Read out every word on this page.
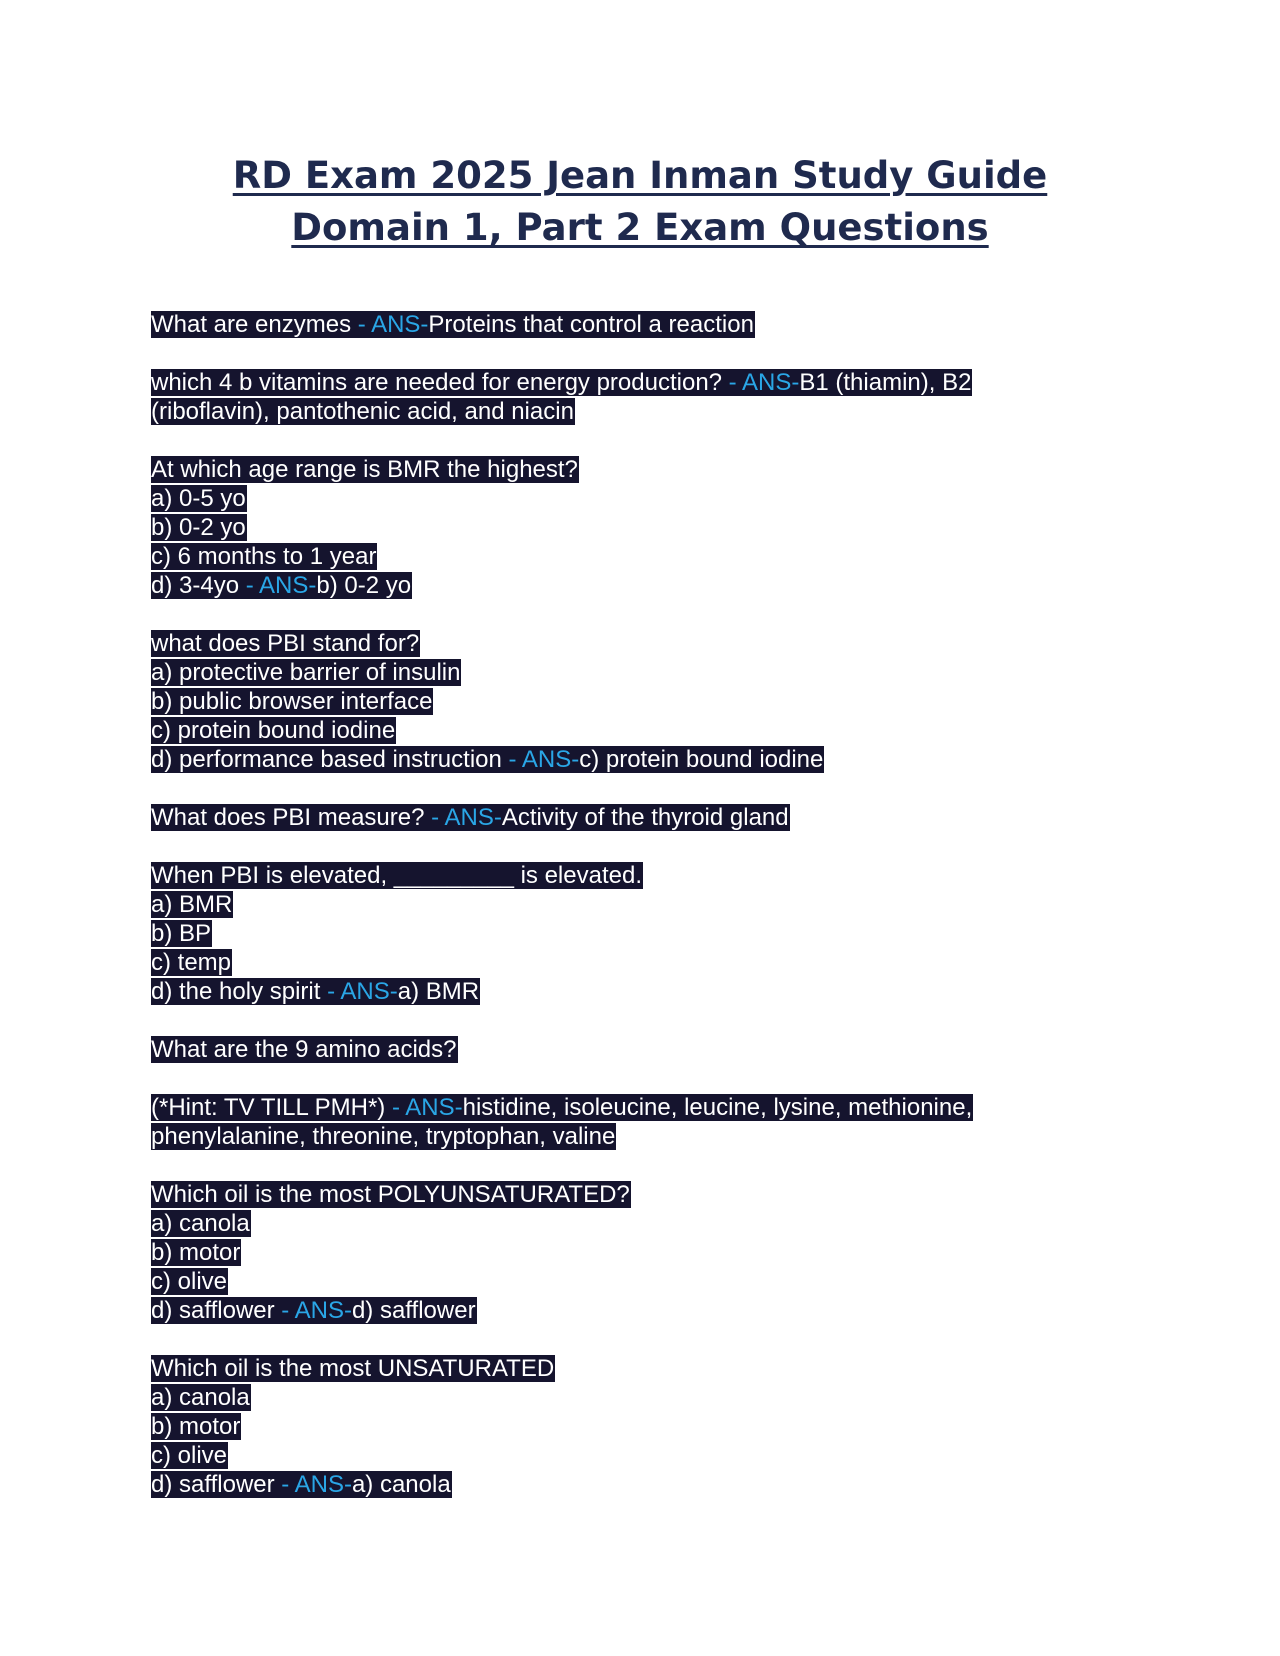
RD Exam 2025 Jean Inman Study Guide Domain 1, Part 2 Exam Questions
What are enzymes - ANS-Proteins that control a reaction
which 4 b vitamins are needed for energy production? - ANS-B1 (thiamin), B2
(riboflavin), pantothenic acid, and niacin
At which age range is BMR the highest?
a) 0-5 yo
b) 0-2 yo
c) 6 months to 1 year
d) 3-4yo - ANS-b) 0-2 yo
what does PBI stand for?
a) protective barrier of insulin
b) public browser interface
c) protein bound iodine
d) performance based instruction - ANS-c) protein bound iodine
What does PBI measure? - ANS-Activity of the thyroid gland
When PBI is elevated, _________ is elevated.
a) BMR
b) BP
c) temp
d) the holy spirit - ANS-a) BMR
What are the 9 amino acids?
(*Hint: TV TILL PMH*) - ANS-histidine, isoleucine, leucine, lysine, methionine,
phenylalanine, threonine, tryptophan, valine
Which oil is the most POLYUNSATURATED?
a) canola
b) motor
c) olive
d) safflower - ANS-d) safflower
Which oil is the most UNSATURATED
a) canola
b) motor
c) olive
d) safflower - ANS-a) canola
